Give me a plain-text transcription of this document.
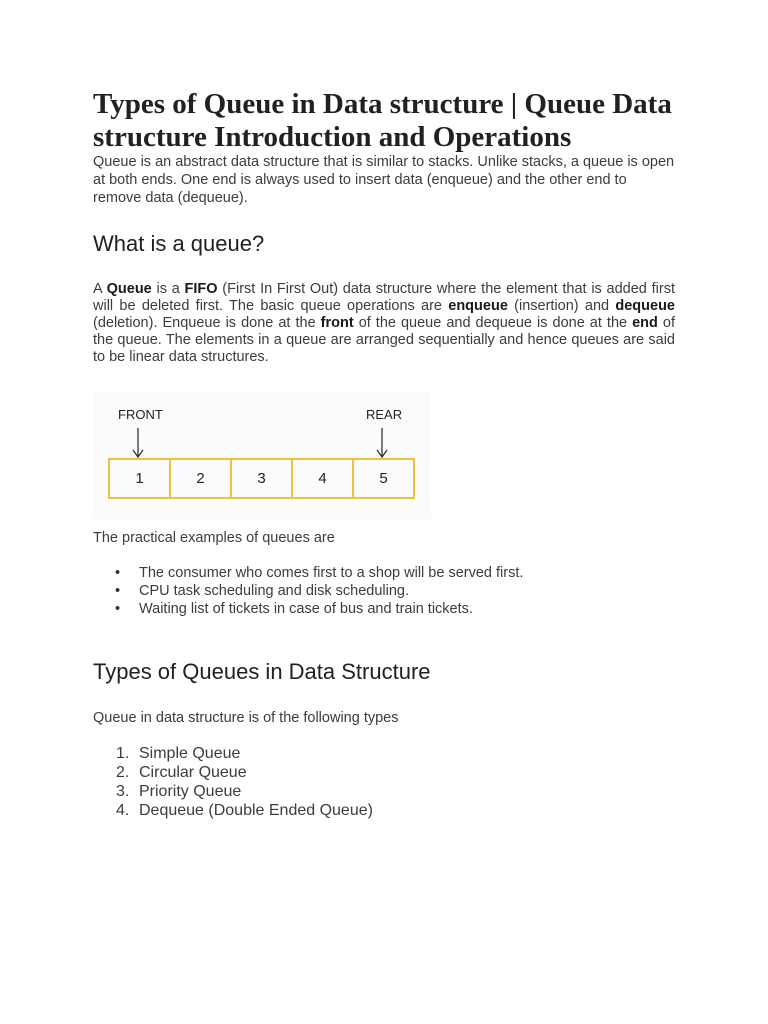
Types of Queue in Data structure | Queue Data structure Introduction and Operations

Queue is an abstract data structure that is similar to stacks. Unlike stacks, a queue is open at both ends. One end is always used to insert data (enqueue) and the other end to remove data (dequeue).

What is a queue?

A Queue is a FIFO (First In First Out) data structure where the element that is added first will be deleted first. The basic queue operations are enqueue (insertion) and dequeue (deletion). Enqueue is done at the front of the queue and dequeue is done at the end of the queue. The elements in a queue are arranged sequentially and hence queues are said to be linear data structures.

FRONT	REAR
1	2	3	4	5

The practical examples of queues are

• The consumer who comes first to a shop will be served first.
• CPU task scheduling and disk scheduling.
• Waiting list of tickets in case of bus and train tickets.
Types of Queues in Data Structure

Queue in data structure is of the following types

1. Simple Queue
2. Circular Queue
3. Priority Queue
4. Dequeue (Double Ended Queue)
